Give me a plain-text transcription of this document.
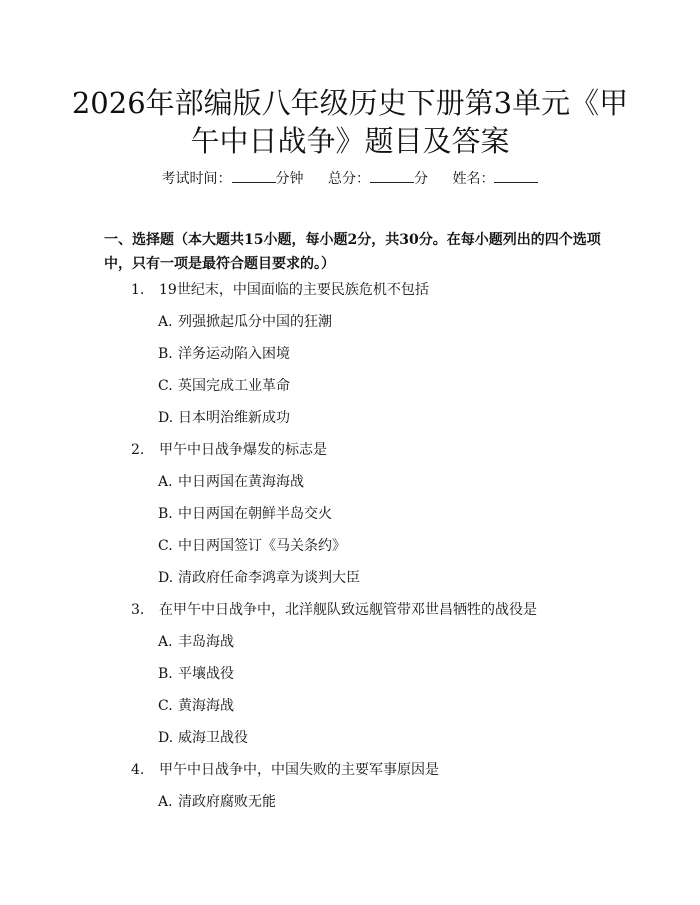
2026年部编版八年级历史下册第3单元《甲
午中日战争》题目及答案
考试时间：	分钟 总分：	分 姓名：
一、选择题（本大题共15小题，每小题2分，共30分。在每小题列出的四个选项中，只有一项是最符合题目要求的。）
1.	19世纪末，中国面临的主要民族危机不包括
A. 列强掀起瓜分中国的狂潮
B. 洋务运动陷入困境
C. 英国完成工业革命
D. 日本明治维新成功
2.	甲午中日战争爆发的标志是
A. 中日两国在黄海海战
B. 中日两国在朝鲜半岛交火
C. 中日两国签订《马关条约》
D. 清政府任命李鸿章为谈判大臣
3.	在甲午中日战争中，北洋舰队致远舰管带邓世昌牺牲的战役是
A. 丰岛海战
B. 平壤战役
C. 黄海海战
D. 威海卫战役
4.	甲午中日战争中，中国失败的主要军事原因是
A. 清政府腐败无能
